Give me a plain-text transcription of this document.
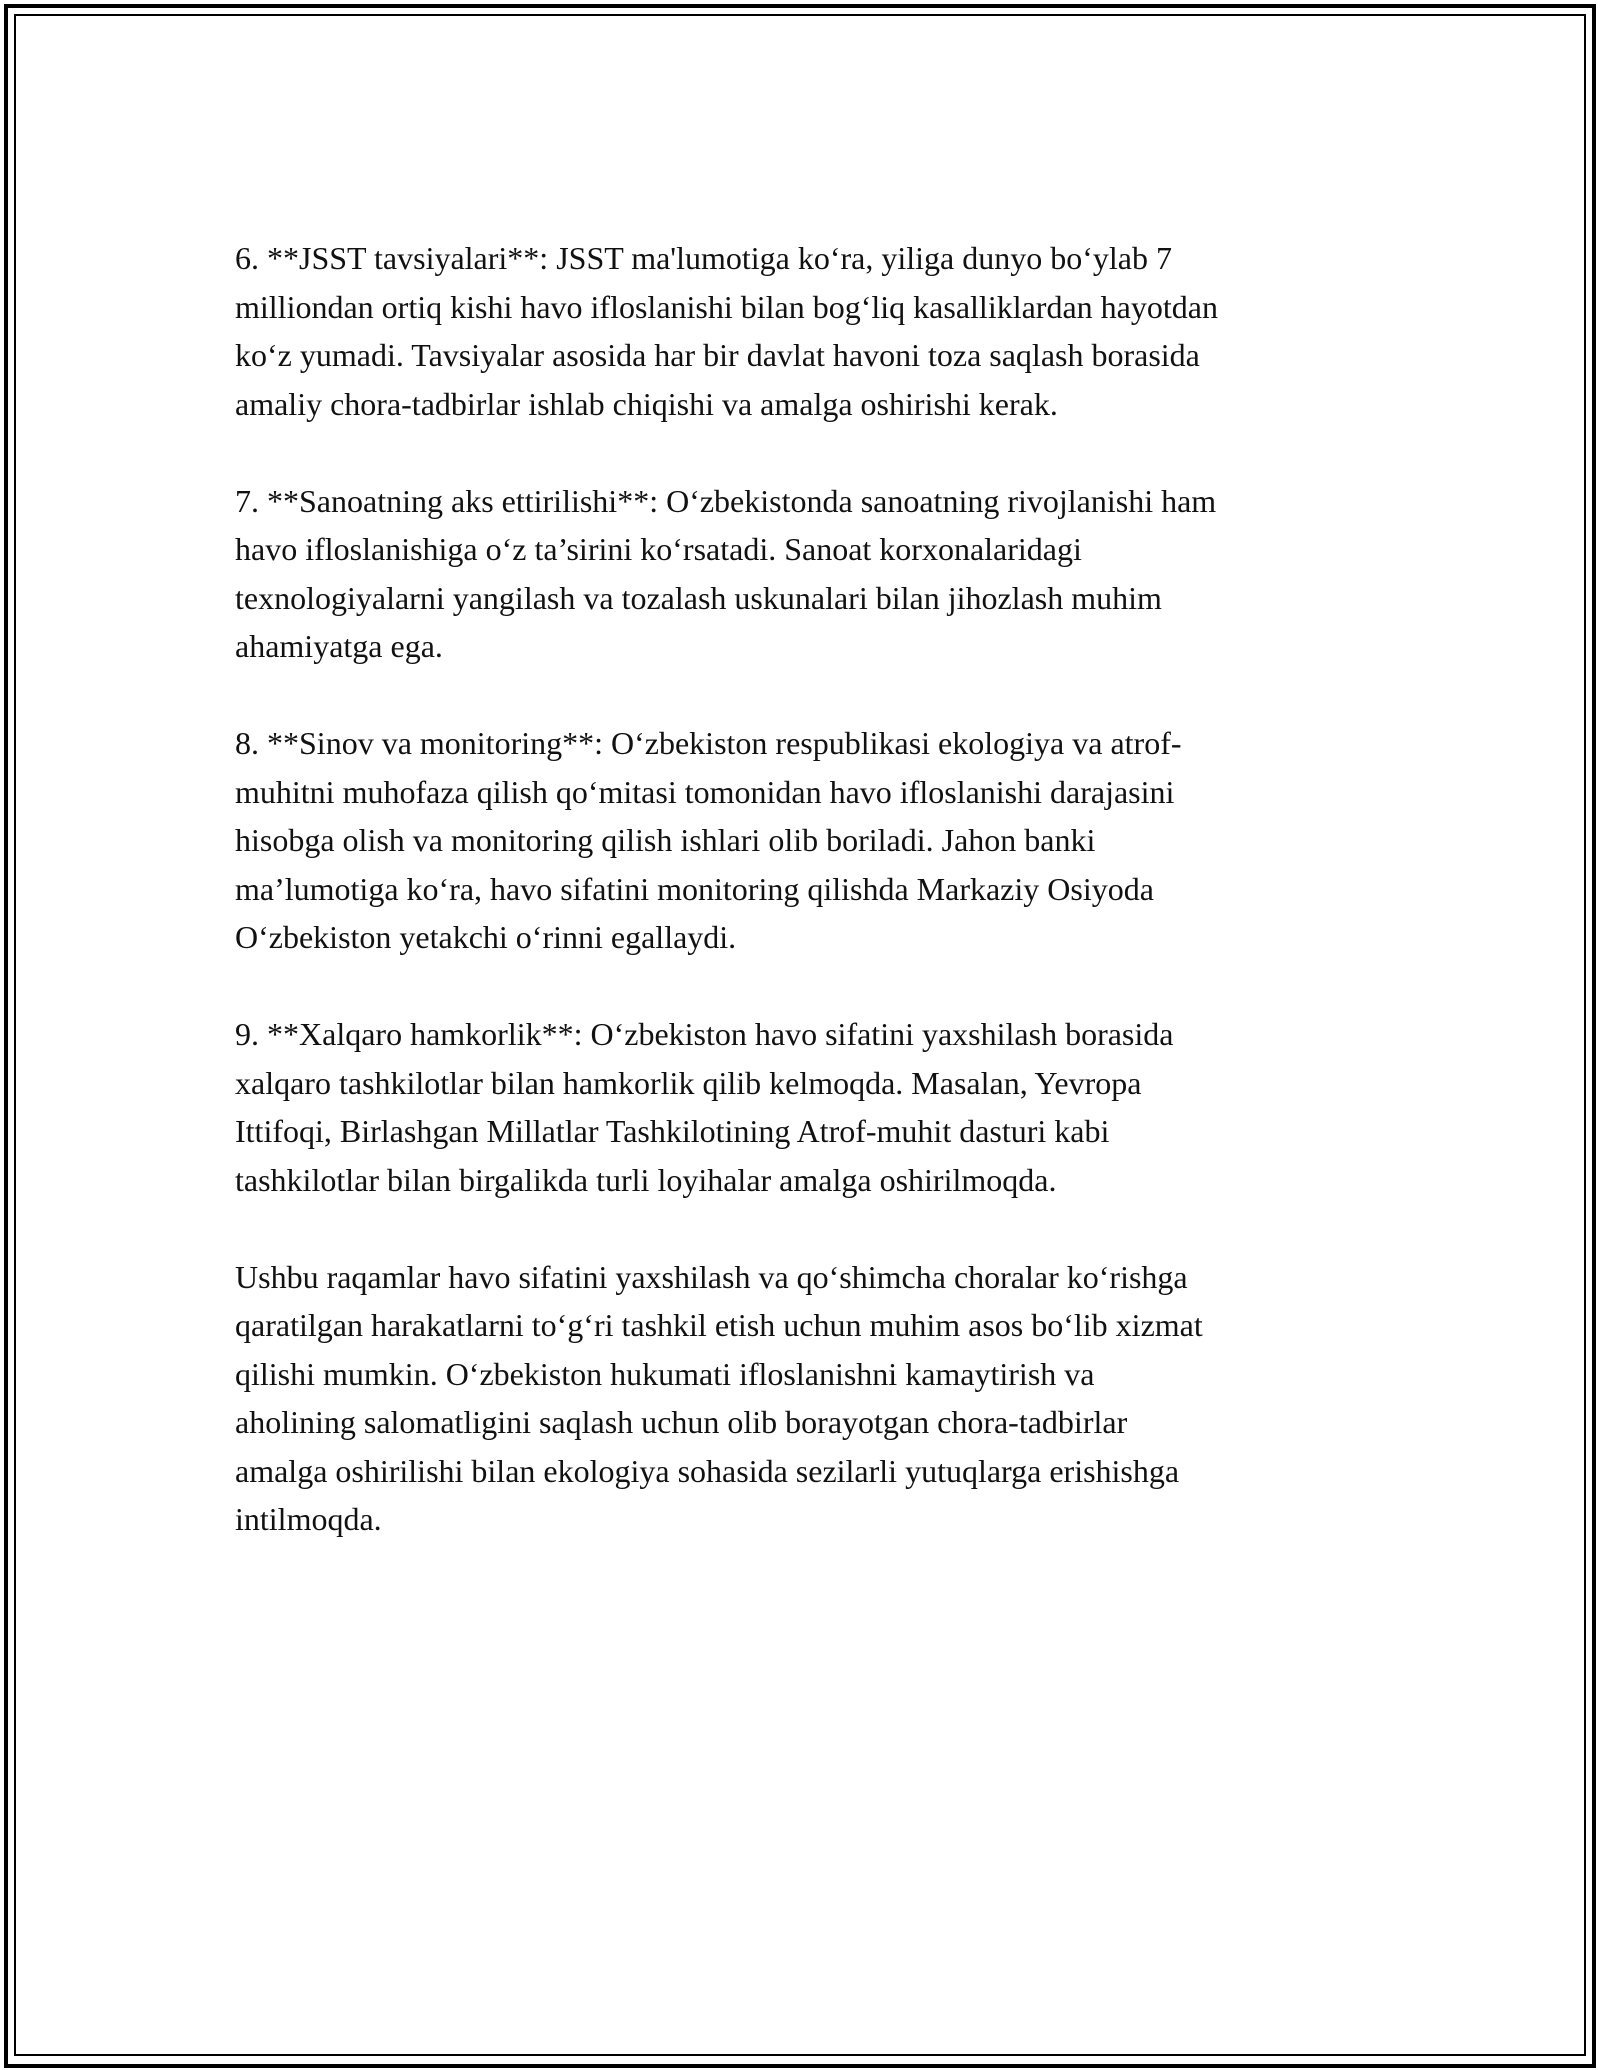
6. **JSST tavsiyalari**: JSST ma'lumotiga ko‘ra, yiliga dunyo bo‘ylab 7
milliondan ortiq kishi havo ifloslanishi bilan bog‘liq kasalliklardan hayotdan
ko‘z yumadi. Tavsiyalar asosida har bir davlat havoni toza saqlash borasida
amaliy chora-tadbirlar ishlab chiqishi va amalga oshirishi kerak.

7. **Sanoatning aks ettirilishi**: O‘zbekistonda sanoatning rivojlanishi ham
havo ifloslanishiga o‘z ta’sirini ko‘rsatadi. Sanoat korxonalaridagi
texnologiyalarni yangilash va tozalash uskunalari bilan jihozlash muhim
ahamiyatga ega.

8. **Sinov va monitoring**: O‘zbekiston respublikasi ekologiya va atrof-
muhitni muhofaza qilish qo‘mitasi tomonidan havo ifloslanishi darajasini
hisobga olish va monitoring qilish ishlari olib boriladi. Jahon banki
ma’lumotiga ko‘ra, havo sifatini monitoring qilishda Markaziy Osiyoda
O‘zbekiston yetakchi o‘rinni egallaydi.

9. **Xalqaro hamkorlik**: O‘zbekiston havo sifatini yaxshilash borasida
xalqaro tashkilotlar bilan hamkorlik qilib kelmoqda. Masalan, Yevropa
Ittifoqi, Birlashgan Millatlar Tashkilotining Atrof-muhit dasturi kabi
tashkilotlar bilan birgalikda turli loyihalar amalga oshirilmoqda.

Ushbu raqamlar havo sifatini yaxshilash va qo‘shimcha choralar ko‘rishga
qaratilgan harakatlarni to‘g‘ri tashkil etish uchun muhim asos bo‘lib xizmat
qilishi mumkin. O‘zbekiston hukumati ifloslanishni kamaytirish va
aholining salomatligini saqlash uchun olib borayotgan chora-tadbirlar
amalga oshirilishi bilan ekologiya sohasida sezilarli yutuqlarga erishishga
intilmoqda.
